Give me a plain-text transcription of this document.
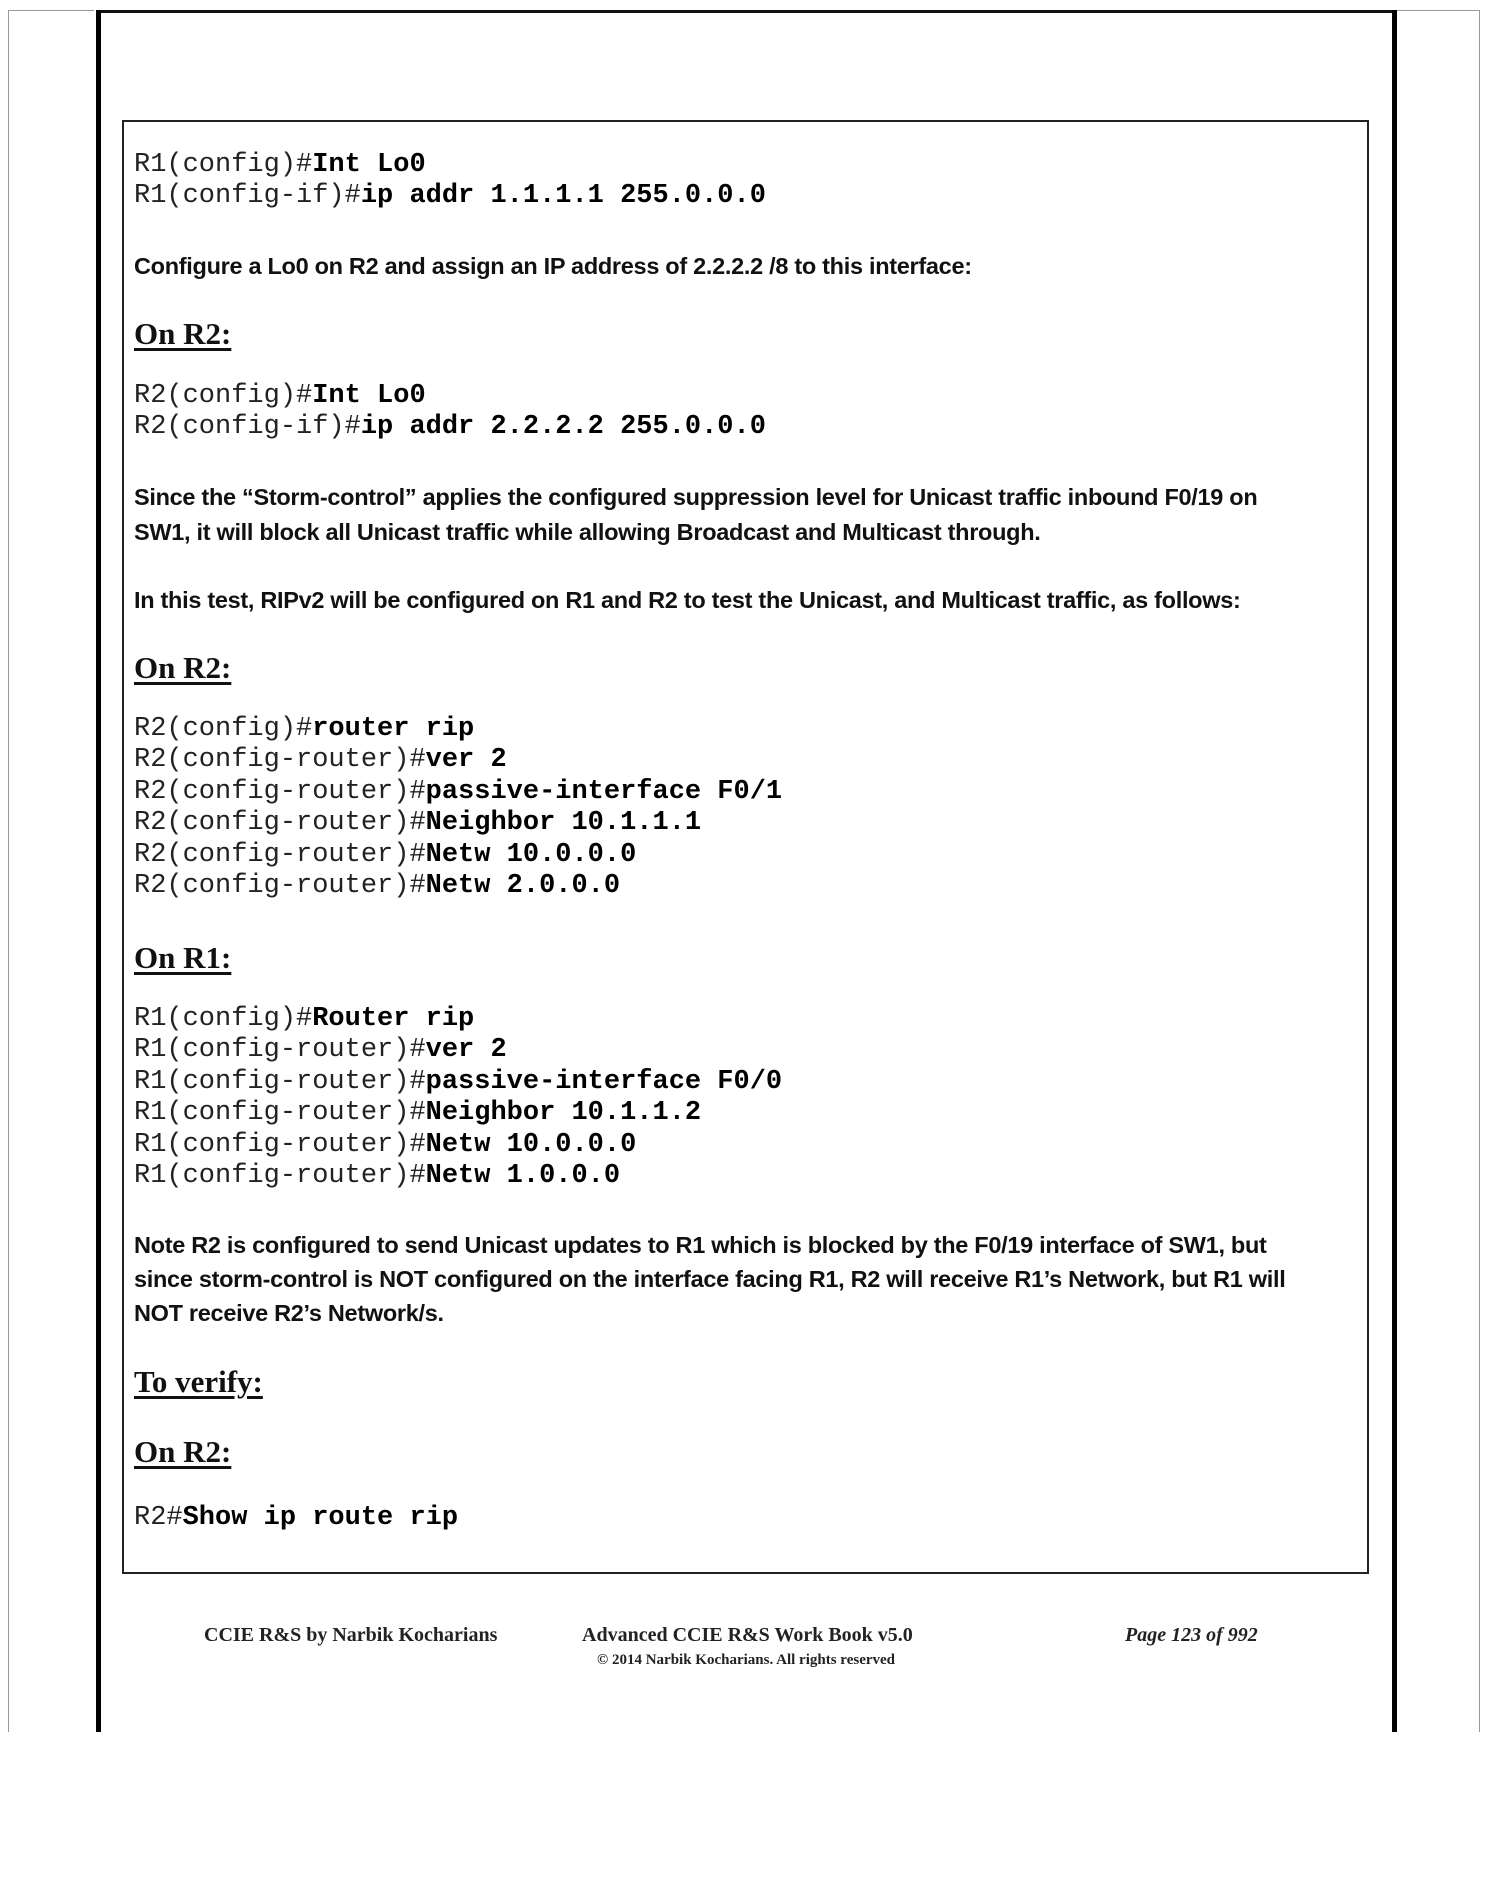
R1(config)#Int Lo0
R1(config-if)#ip addr 1.1.1.1 255.0.0.0
Configure a Lo0 on R2 and assign an IP address of 2.2.2.2 /8 to this interface:
On R2:
R2(config)#Int Lo0
R2(config-if)#ip addr 2.2.2.2 255.0.0.0
Since the “Storm-control” applies the configured suppression level for Unicast traffic inbound F0/19 on
SW1, it will block all Unicast traffic while allowing Broadcast and Multicast through.
In this test, RIPv2 will be configured on R1 and R2 to test the Unicast, and Multicast traffic, as follows:
On R2:
R2(config)#router rip
R2(config-router)#ver 2
R2(config-router)#passive-interface F0/1
R2(config-router)#Neighbor 10.1.1.1
R2(config-router)#Netw 10.0.0.0
R2(config-router)#Netw 2.0.0.0
On R1:
R1(config)#Router rip
R1(config-router)#ver 2
R1(config-router)#passive-interface F0/0
R1(config-router)#Neighbor 10.1.1.2
R1(config-router)#Netw 10.0.0.0
R1(config-router)#Netw 1.0.0.0
Note R2 is configured to send Unicast updates to R1 which is blocked by the F0/19 interface of SW1, but
since storm-control is NOT configured on the interface facing R1, R2 will receive R1’s Network, but R1 will
NOT receive R2’s Network/s.
To verify:
On R2:
R2#Show ip route rip
CCIE R&S by Narbik Kocharians	Advanced CCIE R&S Work Book v5.0
© 2014 Narbik Kocharians. All rights reserved
Page 123 of 992
